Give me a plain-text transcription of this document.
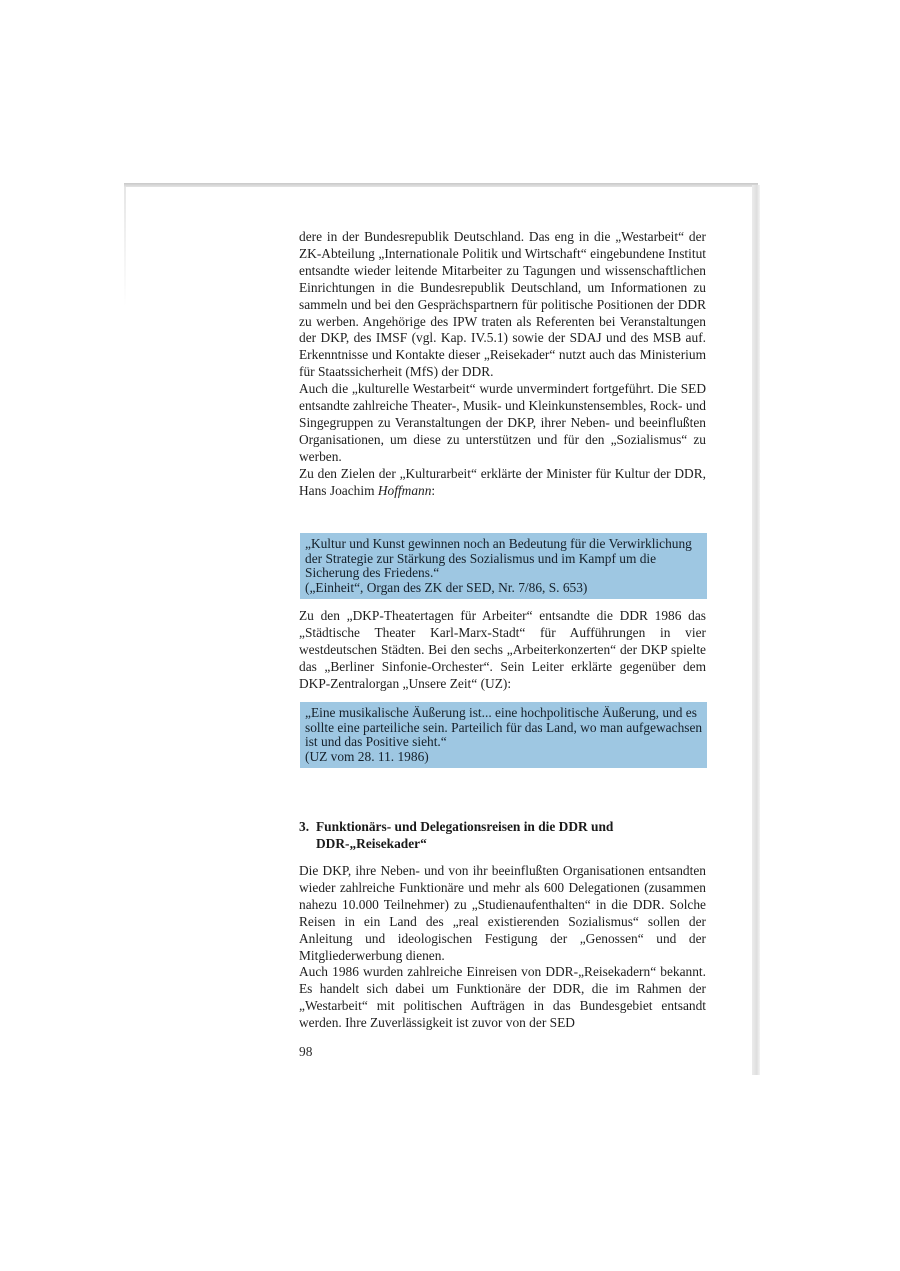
dere in der Bundesrepublik Deutschland. Das eng in die „Westarbeit“ der ZK-Abteilung „Internationale Politik und Wirtschaft“ eingebundene Institut entsandte wieder leitende Mitarbeiter zu Tagungen und wissenschaftlichen Einrichtungen in die Bundesrepublik Deutschland, um Informationen zu sammeln und bei den Gesprächspartnern für politische Positionen der DDR zu werben. Angehörige des IPW traten als Referenten bei Veranstaltungen der DKP, des IMSF (vgl. Kap. IV.5.1) sowie der SDAJ und des MSB auf. Erkenntnisse und Kontakte dieser „Reisekader“ nutzt auch das Ministerium für Staatssicherheit (MfS) der DDR.

Auch die „kulturelle Westarbeit“ wurde unvermindert fortgeführt. Die SED entsandte zahlreiche Theater-, Musik- und Kleinkunstensembles, Rock- und Singegruppen zu Veranstaltungen der DKP, ihrer Neben- und beeinflußten Organisationen, um diese zu unterstützen und für den „Sozialismus“ zu werben.

Zu den Zielen der „Kulturarbeit“ erklärte der Minister für Kultur der DDR, Hans Joachim Hoffmann:

„Kultur und Kunst gewinnen noch an Bedeutung für die Verwirklichung der Strategie zur Stärkung des Sozialismus und im Kampf um die Sicherung des Friedens.“

(„Einheit“, Organ des ZK der SED, Nr. 7/86, S. 653)

Zu den „DKP-Theatertagen für Arbeiter“ entsandte die DDR 1986 das „Städtische Theater Karl-Marx-Stadt“ für Aufführungen in vier westdeutschen Städten. Bei den sechs „Arbeiterkonzerten“ der DKP spielte das „Berliner Sinfonie-Orchester“. Sein Leiter erklärte gegenüber dem DKP-Zentralorgan „Unsere Zeit“ (UZ):

„Eine musikalische Äußerung ist... eine hochpolitische Äußerung, und es sollte eine parteiliche sein. Parteilich für das Land, wo man aufgewachsen ist und das Positive sieht.“

(UZ vom 28. 11. 1986)

3. Funktionärs- und Delegationsreisen in die DDR und
DDR-„Reisekader“

Die DKP, ihre Neben- und von ihr beeinflußten Organisationen entsandten wieder zahlreiche Funktionäre und mehr als 600 Delegationen (zusammen nahezu 10.000 Teilnehmer) zu „Studienaufenthalten“ in die DDR. Solche Reisen in ein Land des „real existierenden Sozialismus“ sollen der Anleitung und ideologischen Festigung der „Genossen“ und der Mitgliederwerbung dienen.

Auch 1986 wurden zahlreiche Einreisen von DDR-„Reisekadern“ bekannt. Es handelt sich dabei um Funktionäre der DDR, die im Rahmen der „Westarbeit“ mit politischen Aufträgen in das Bundesgebiet entsandt werden. Ihre Zuverlässigkeit ist zuvor von der SED

98
